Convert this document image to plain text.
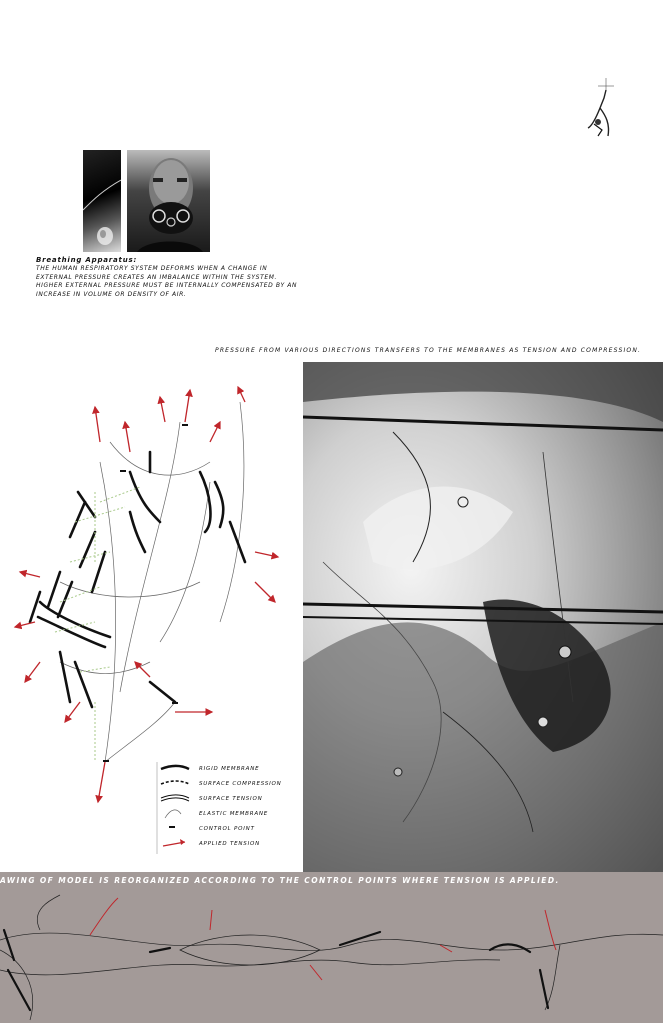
Breathing Apparatus:
THE HUMAN RESPIRATORY SYSTEM DEFORMS WHEN A CHANGE IN EXTERNAL PRESSURE CREATES AN IMBALANCE WITHIN THE SYSTEM. HIGHER EXTERNAL PRESSURE MUST BE INTERNALLY COMPENSATED BY AN INCREASE IN VOLUME OR DENSITY OF AIR.
PRESSURE FROM VARIOUS DIRECTIONS TRANSFERS TO THE MEMBRANES AS TENSION AND COMPRESSION.
RIGID MEMBRANE
SURFACE COMPRESSION
SURFACE TENSION
ELASTIC MEMBRANE
CONTROL POINT
APPLIED TENSION
AWING OF MODEL IS REORGANIZED ACCORDING TO THE CONTROL POINTS WHERE TENSION IS APPLIED.
